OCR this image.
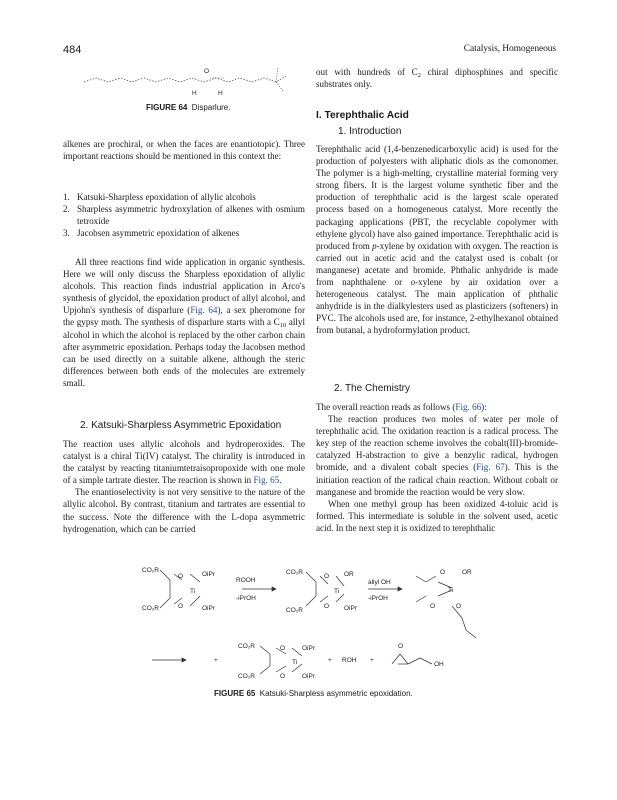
484	Catalysis, Homogeneous
O
H	H
FIGURE 64 Disparlure.

alkenes are prochiral, or when the faces are enantiotopic). Three important reactions should be mentioned in this context the:

1. Katsuki-Sharpless epoxidation of allylic alcohols
2. Sharpless asymmetric hydroxylation of alkenes with osmium tetroxide
3. Jacobsen asymmetric epoxidation of alkenes

All three reactions find wide application in organic synthesis. Here we will only discuss the Sharpless epoxidation of allylic alcohols. This reaction finds industrial application in Arco's synthesis of glycidol, the epoxidation product of allyl alcohol, and Upjohn's synthesis of disparlure (Fig. 64), a sex pheromone for the gypsy moth. The synthesis of disparlure starts with a $C_{10}$ allyl alcohol in which the alcohol is replaced by the other carbon chain after asymmetric epoxidation. Perhaps today the Jacobsen method can be used directly on a suitable alkene, although the steric differences between both ends of the molecules are extremely small.

2. Katsuki-Sharpless Asymmetric Epoxidation

The reaction uses allylic alcohols and hydroperoxides. The catalyst is a chiral Ti(IV) catalyst. The chirality is introduced in the catalyst by reacting titaniumtetraisopropoxide with one mole of a simple tartrate diester. The reaction is shown in Fig. 65.

The enantioselectivity is not very sensitive to the nature of the allylic alcohol. By contrast, titanium and tartrates are essential to the success. Note the difference with the L-dopa asymmetric hydrogenation, which can be carried

out with hundreds of $C_2$ chiral diphosphines and specific substrates only.

I. Terephthalic Acid
1. Introduction

Terephthalic acid (1,4-benzenedicarboxylic acid) is used for the production of polyesters with aliphatic diols as the comonomer. The polymer is a high-melting, crystalline material forming very strong fibers. It is the largest volume synthetic fiber and the production of terephthalic acid is the largest scale operated process based on a homogeneous catalyst. More recently the packaging applications (PBT, the recyclable copolymer with ethylene glycol) have also gained importance. Terephthalic acid is produced from p-xylene by oxidation with oxygen. The reaction is carried out in acetic acid and the catalyst used is cobalt (or manganese) acetate and bromide. Phthalic anhydride is made from naphthalene or o-xylene by air oxidation over a heterogeneous catalyst. The main application of phthalic anhydride is in the dialkylesters used as plasticizers (softeners) in PVC. The alcohols used are, for instance, 2-ethylhexanol obtained from butanal, a hydroformylation product.

2. The Chemistry

The overall reaction reads as follows (Fig. 66):

The reaction produces two moles of water per mole of terephthalic acid. The oxidation reaction is a radical process. The key step of the reaction scheme involves the cobalt(III)-bromide-catalyzed H-abstraction to give a benzylic radical, hydrogen bromide, and a divalent cobalt species (Fig. 67). This is the initiation reaction of the radical chain reaction. Without cobalt or manganese and bromide the reaction would be very slow.

When one methyl group has been oxidized 4-toluic acid is formed. This intermediate is soluble in the solvent used, acetic acid. In the next step it is oxidized to terephthalic

CO₂R
CO₂R
O
O
OiPr
OiPr
Ti
ROOH
-iPrOH
CO₂R
CO₂R
O
O
OR
OiPr
Ti
allyl OH
-iPrOH
O	OR
Ti
O	O
CO₂R
CO₂R
O
O
OiPr
OiPr
Ti
+	+ ROH +
O
OH
FIGURE 65 Katsuki-Sharpless asymmetric epoxidation.
